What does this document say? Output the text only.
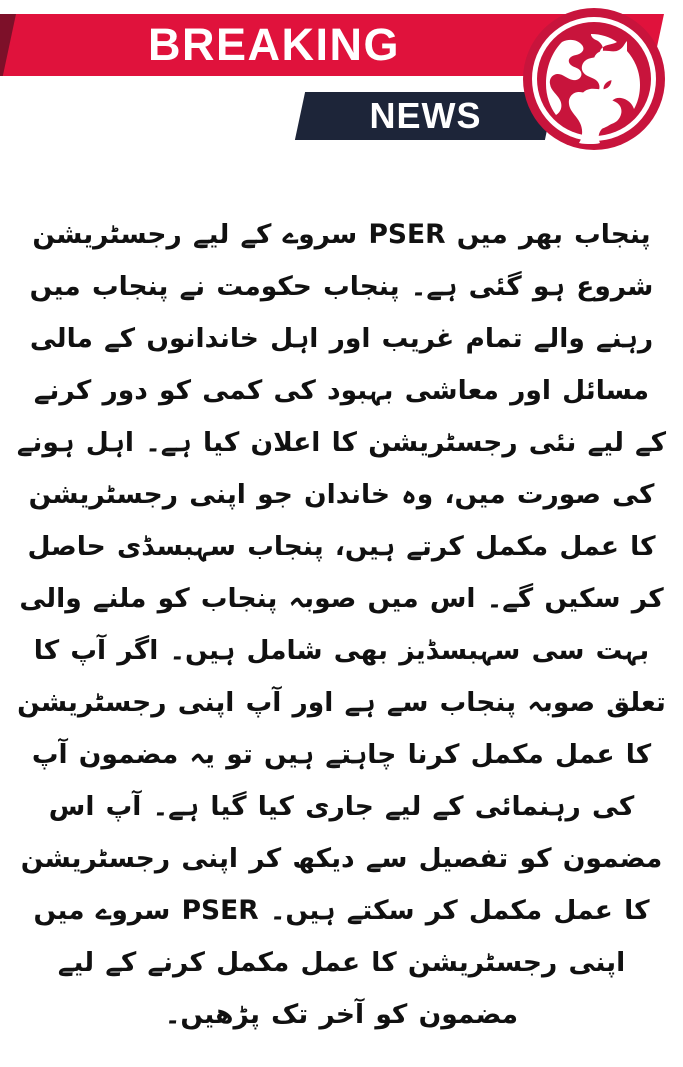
BREAKING
NEWS

پنجاب بھر میں PSER سروے کے لیے رجسٹریشن شروع ہو گئی ہے۔ پنجاب حکومت نے پنجاب میں رہنے والے تمام غریب اور اہل خاندانوں کے مالی مسائل اور معاشی بہبود کی کمی کو دور کرنے کے لیے نئی رجسٹریشن کا اعلان کیا ہے۔ اہل ہونے کی صورت میں، وہ خاندان جو اپنی رجسٹریشن کا عمل مکمل کرتے ہیں، پنجاب سہبسڈی حاصل کر سکیں گے۔ اس میں صوبہ پنجاب کو ملنے والی بہت سی سہبسڈیز بھی شامل ہیں۔ اگر آپ کا تعلق صوبہ پنجاب سے ہے اور آپ اپنی رجسٹریشن کا عمل مکمل کرنا چاہتے ہیں تو یہ مضمون آپ کی رہنمائی کے لیے جاری کیا گیا ہے۔ آپ اس مضمون کو تفصیل سے دیکھ کر اپنی رجسٹریشن کا عمل مکمل کر سکتے ہیں۔ PSER سروے میں اپنی رجسٹریشن کا عمل مکمل کرنے کے لیے مضمون کو آخر تک پڑھیں۔
